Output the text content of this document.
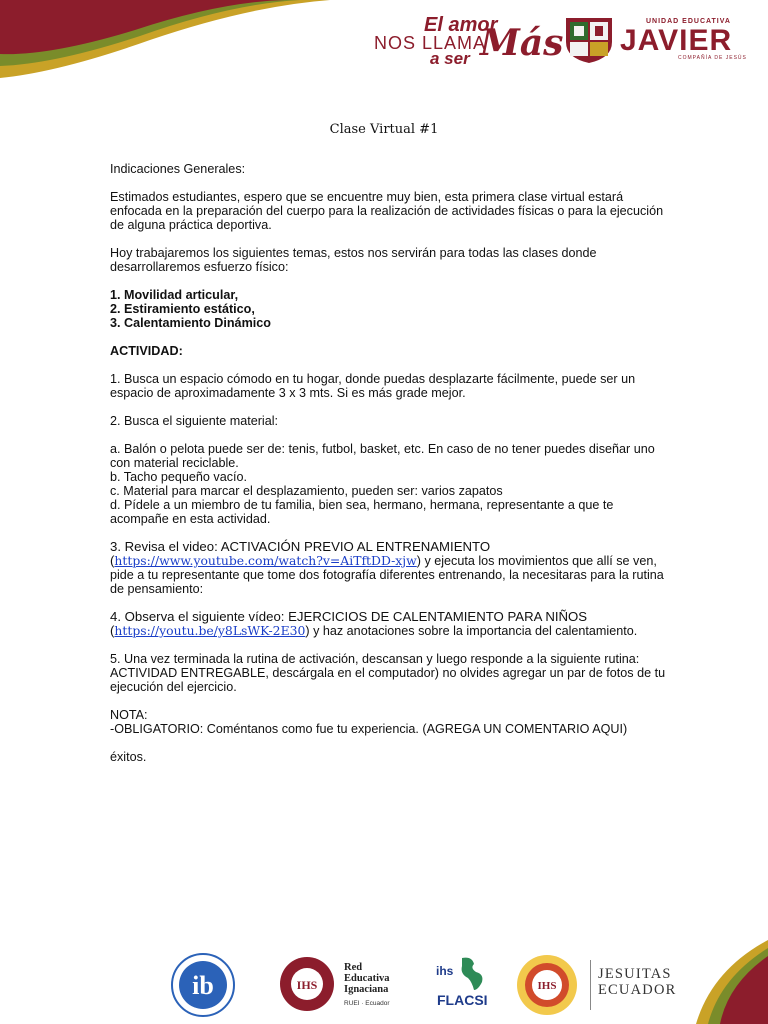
El amor
NOS LLAMA
a ser Más
UNIDAD EDUCATIVA
JAVIER
COMPAÑÍA DE JESÚS
Clase Virtual #1

Indicaciones Generales:

Estimados estudiantes, espero que se encuentre muy bien, esta primera clase virtual estará enfocada en la preparación del cuerpo para la realización de actividades físicas o para la ejecución de alguna práctica deportiva.

Hoy trabajaremos los siguientes temas, estos nos servirán para todas las clases donde desarrollaremos esfuerzo físico:

1. Movilidad articular,
2. Estiramiento estático,
3. Calentamiento Dinámico

ACTIVIDAD:

1. Busca un espacio cómodo en tu hogar, donde puedas desplazarte fácilmente, puede ser un espacio de aproximadamente 3 x 3 mts. Si es más grade mejor.

2. Busca el siguiente material:

a. Balón o pelota puede ser de: tenis, futbol, basket, etc. En caso de no tener puedes diseñar uno con material reciclable.
b. Tacho pequeño vacío.
c. Material para marcar el desplazamiento, pueden ser: varios zapatos
d. Pídele a un miembro de tu familia, bien sea, hermano, hermana, representante a que te acompañe en esta actividad.

3. Revisa el video: ACTIVACIÓN PREVIO AL ENTRENAMIENTO
(https://www.youtube.com/watch?v=AiTftDD-xjw) y ejecuta los movimientos que allí se ven, pide a tu representante que tome dos fotografía diferentes entrenando, la necesitaras para la rutina de pensamiento:

4. Observa el siguiente vídeo: EJERCICIOS DE CALENTAMIENTO PARA NIÑOS
(https://youtu.be/y8LsWK-2E30) y haz anotaciones sobre la importancia del calentamiento.

5. Una vez terminada la rutina de activación, descansan y luego responde a la siguiente rutina: ACTIVIDAD ENTREGABLE, descárgala en el computador) no olvides agregar un par de fotos de tu ejecución del ejercicio.

NOTA:
-OBLIGATORIO: Coméntanos como fue tu experiencia. (AGREGA UN COMENTARIO AQUI)

éxitos.

ib	IHS
Red
Educativa
Ignaciana
RUEI · Ecuador
ihs
FLACSI
IHS
JESUITAS
ECUADOR
